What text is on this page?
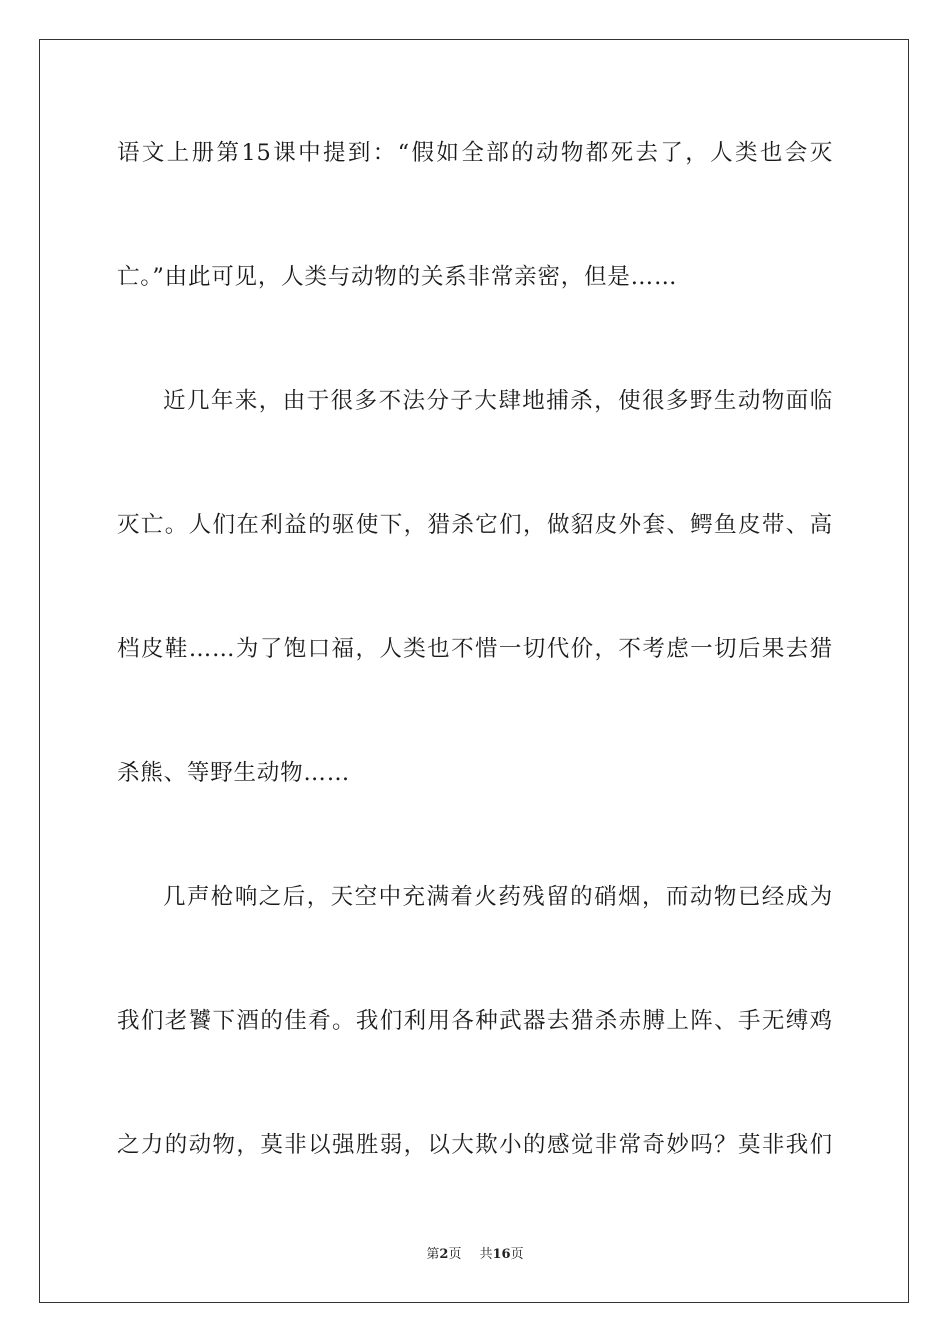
语文上册第15课中提到：“假如全部的动物都死去了，人类也会灭
亡。”由此可见，人类与动物的关系非常亲密，但是……
近几年来，由于很多不法分子大肆地捕杀，使很多野生动物面临
灭亡。人们在利益的驱使下，猎杀它们，做貂皮外套、鳄鱼皮带、高
档皮鞋……为了饱口福，人类也不惜一切代价，不考虑一切后果去猎
杀熊、等野生动物……
几声枪响之后，天空中充满着火药残留的硝烟，而动物已经成为
我们老饕下酒的佳肴。我们利用各种武器去猎杀赤膊上阵、手无缚鸡
之力的动物，莫非以强胜弱，以大欺小的感觉非常奇妙吗？莫非我们
第2页 共16页
